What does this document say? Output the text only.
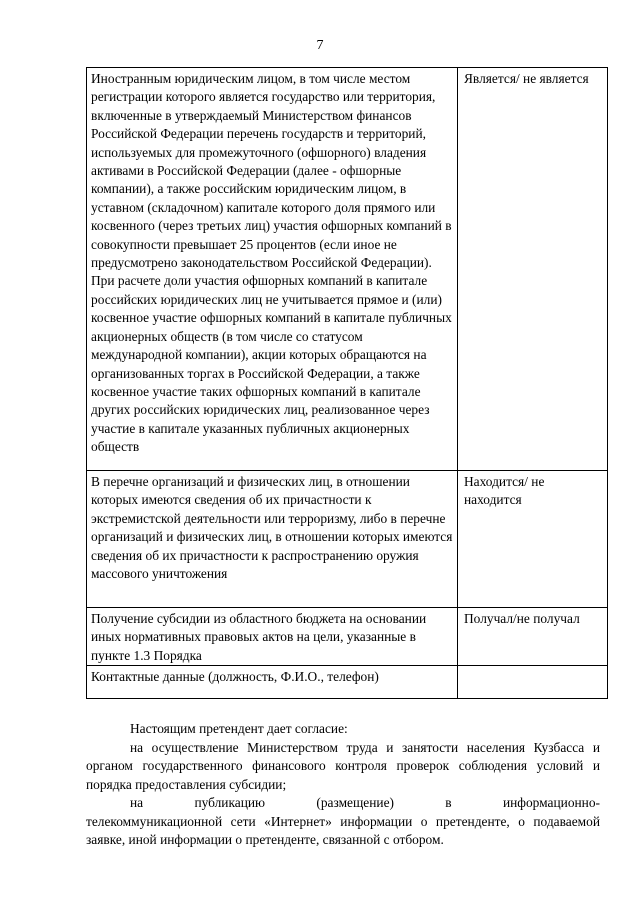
7
Иностранным юридическим лицом, в том числе местом регистрации которого является государство или территория, включенные в утверждаемый Министерством финансов Российской Федерации перечень государств и территорий, используемых для промежуточного (офшорного) владения активами в Российской Федерации (далее - офшорные компании), а также российским юридическим лицом, в уставном (складочном) капитале которого доля прямого или косвенного (через третьих лиц) участия офшорных компаний в совокупности превышает 25 процентов (если иное не предусмотрено законодательством Российской Федерации). При расчете доли участия офшорных компаний в капитале российских юридических лиц не учитывается прямое и (или) косвенное участие офшорных компаний в капитале публичных акционерных обществ (в том числе со статусом международной компании), акции которых обращаются на организованных торгах в Российской Федерации, а также косвенное участие таких офшорных компаний в капитале других российских юридических лиц, реализованное через участие в капитале указанных публичных акционерных обществ	Является/ не является
В перечне организаций и физических лиц, в отношении которых имеются сведения об их причастности к экстремистской деятельности или терроризму, либо в перечне организаций и физических лиц, в отношении которых имеются сведения об их причастности к распространению оружия массового уничтожения	Находится/ не находится
Получение субсидии из областного бюджета на основании иных нормативных правовых актов на цели, указанные в пункте 1.3 Порядка	Получал/не получал
Контактные данные (должность, Ф.И.О., телефон)	

Настоящим претендент дает согласие:

на осуществление Министерством труда и занятости населения Кузбасса и органом государственного финансового контроля проверок соблюдения условий и порядка предоставления субсидии;

на публикацию (размещение) в информационно-

телекоммуникационной сети «Интернет» информации о претенденте, о подаваемой заявке, иной информации о претенденте, связанной с отбором.
